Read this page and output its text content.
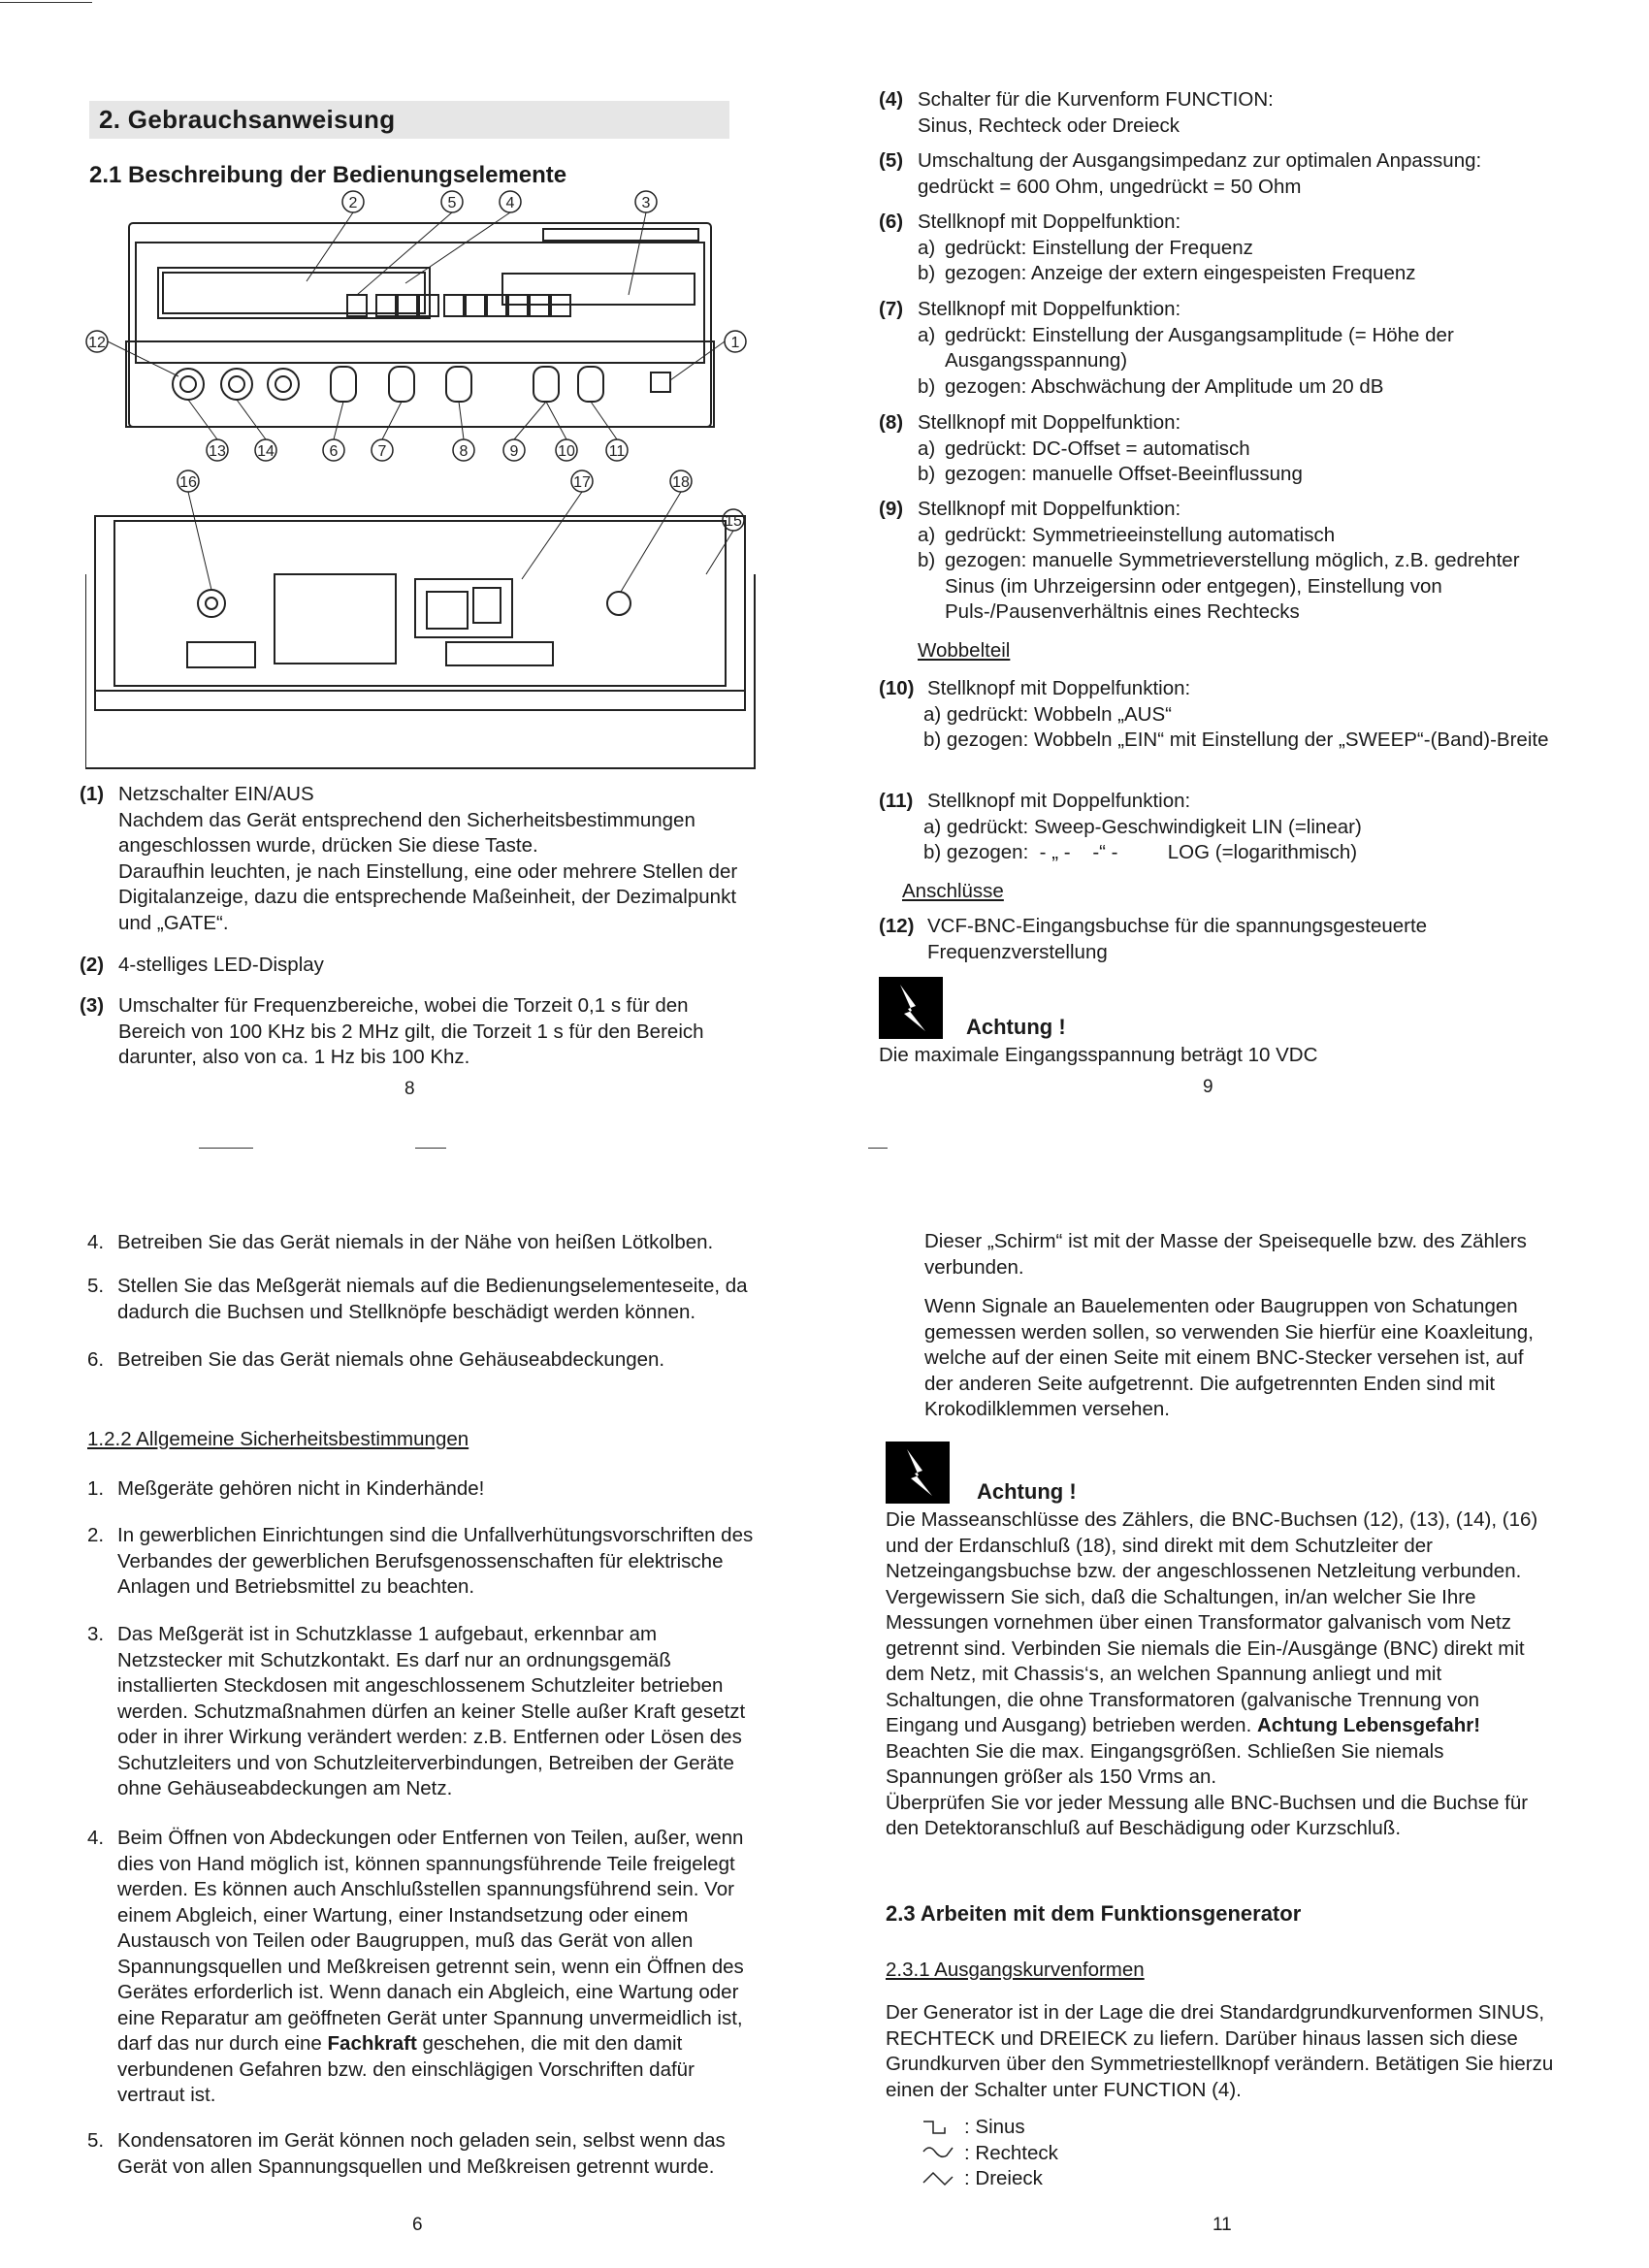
2. Gebrauchsanweisung
2.1 Beschreibung der Bedienungselemente
2	5	4	3
12	1
13 14	6	7	8	9	10 11
16	17	18
15
(1) Netzschalter EIN/AUS

Nachdem das Gerät entsprechend den Sicherheitsbestimmungen angeschlossen wurde, drücken Sie diese Taste.

Daraufhin leuchten, je nach Einstellung, eine oder mehrere Stellen der Digitalanzeige, dazu die entsprechende Maßeinheit, der Dezimalpunkt und „GATE“.

(2) 4-stelliges LED-Display

(3) Umschalter für Frequenzbereiche, wobei die Torzeit 0,1 s für den Bereich von 100 KHz bis 2 MHz gilt, die Torzeit 1 s für den Bereich darunter, also von ca. 1 Hz bis 100 Khz.

8
(4) Schalter für die Kurvenform FUNCTION:

Sinus, Rechteck oder Dreieck

(5) Umschaltung der Ausgangsimpedanz zur optimalen Anpassung:

gedrückt = 600 Ohm, ungedrückt = 50 Ohm

(6) Stellknopf mit Doppelfunktion:

a) gedrückt: Einstellung der Frequenz
b) gezogen: Anzeige der extern eingespeisten Frequenz
(7) Stellknopf mit Doppelfunktion:

a) gedrückt: Einstellung der Ausgangsamplitude (= Höhe der Ausgangsspannung)
b) gezogen: Abschwächung der Amplitude um 20 dB
(8) Stellknopf mit Doppelfunktion:

a) gedrückt: DC-Offset = automatisch
b) gezogen: manuelle Offset-Beeinflussung
(9) Stellknopf mit Doppelfunktion:

a) gedrückt: Symmetrieeinstellung automatisch
b) gezogen: manuelle Symmetrieverstellung möglich, z.B. gedrehter Sinus (im Uhrzeigersinn oder entgegen), Einstellung von Puls-/Pausenverhältnis eines Rechtecks
Wobbelteil
(10) Stellknopf mit Doppelfunktion:

a) gedrückt: Wobbeln „AUS“

b) gezogen: Wobbeln „EIN“ mit Einstellung der „SWEEP“-(Band)-Breite

(11) Stellknopf mit Doppelfunktion:

a) gedrückt: Sweep-Geschwindigkeit LIN (=linear)

b) gezogen:  - „ -    -“ -         LOG (=logarithmisch)

Anschlüsse
(12) VCF-BNC-Eingangsbuchse für die spannungsgesteuerte Frequenzverstellung

Achtung !
Die maximale Eingangsspannung beträgt 10 VDC
9
4. Betreiben Sie das Gerät niemals in der Nähe von heißen Lötkolben.

5. Stellen Sie das Meßgerät niemals auf die Bedienungselementeseite, da dadurch die Buchsen und Stellknöpfe beschädigt werden können.

6. Betreiben Sie das Gerät niemals ohne Gehäuseabdeckungen.

1.2.2 Allgemeine Sicherheitsbestimmungen
1. Meßgeräte gehören nicht in Kinderhände!

2. In gewerblichen Einrichtungen sind die Unfallverhütungsvorschriften des Verbandes der gewerblichen Berufsgenossenschaften für elektrische Anlagen und Betriebsmittel zu beachten.

3. Das Meßgerät ist in Schutzklasse 1 aufgebaut, erkennbar am Netzstecker mit Schutzkontakt. Es darf nur an ordnungsgemäß installierten Steckdosen mit angeschlossenem Schutzleiter betrieben werden. Schutzmaßnahmen dürfen an keiner Stelle außer Kraft gesetzt oder in ihrer Wirkung verändert werden: z.B. Entfernen oder Lösen des Schutzleiters und von Schutzleiterverbindungen, Betreiben der Geräte ohne Gehäuseabdeckungen am Netz.

4. Beim Öffnen von Abdeckungen oder Entfernen von Teilen, außer, wenn dies von Hand möglich ist, können spannungsführende Teile freigelegt werden. Es können auch Anschlußstellen spannungsführend sein. Vor einem Abgleich, einer Wartung, einer Instandsetzung oder einem Austausch von Teilen oder Baugruppen, muß das Gerät von allen Spannungsquellen und Meßkreisen getrennt sein, wenn ein Öffnen des Gerätes erforderlich ist. Wenn danach ein Abgleich, eine Wartung oder eine Reparatur am geöffneten Gerät unter Spannung unvermeidlich ist, darf das nur durch eine Fachkraft geschehen, die mit den damit verbundenen Gefahren bzw. den einschlägigen Vorschriften dafür vertraut ist.

5. Kondensatoren im Gerät können noch geladen sein, selbst wenn das Gerät von allen Spannungsquellen und Meßkreisen getrennt wurde.

6

Dieser „Schirm“ ist mit der Masse der Speisequelle bzw. des Zählers verbunden.

Wenn Signale an Bauelementen oder Baugruppen von Schatungen gemessen werden sollen, so verwenden Sie hierfür eine Koaxleitung, welche auf der einen Seite mit einem BNC-Stecker versehen ist, auf der anderen Seite aufgetrennt. Die aufgetrennten Enden sind mit Krokodilklemmen versehen.

Achtung !

Die Masseanschlüsse des Zählers, die BNC-Buchsen (12), (13), (14), (16) und der Erdanschluß (18), sind direkt mit dem Schutzleiter der Netzeingangsbuchse bzw. der angeschlossenen Netzleitung verbunden. Vergewissern Sie sich, daß die Schaltungen, in/an welcher Sie Ihre Messungen vornehmen über einen Transformator galvanisch vom Netz getrennt sind. Verbinden Sie niemals die Ein-/Ausgänge (BNC) direkt mit dem Netz, mit Chassis‘s, an welchen Spannung anliegt und mit Schaltungen, die ohne Transformatoren (galvanische Trennung von Eingang und Ausgang) betrieben werden. Achtung Lebensgefahr!

Beachten Sie die max. Eingangsgrößen. Schließen Sie niemals Spannungen größer als 150 Vrms an.

Überprüfen Sie vor jeder Messung alle BNC-Buchsen und die Buchse für den Detektoranschluß auf Beschädigung oder Kurzschluß.

2.3 Arbeiten mit dem Funktionsgenerator
2.3.1 Ausgangskurvenformen
Der Generator ist in der Lage die drei Standardgrundkurvenformen SINUS, RECHTECK und DREIECK zu liefern. Darüber hinaus lassen sich diese Grundkurven über den Symmetriestellknopf verändern. Betätigen Sie hierzu einen der Schalter unter FUNCTION (4).
: Sinus
: Rechteck
: Dreieck
11
